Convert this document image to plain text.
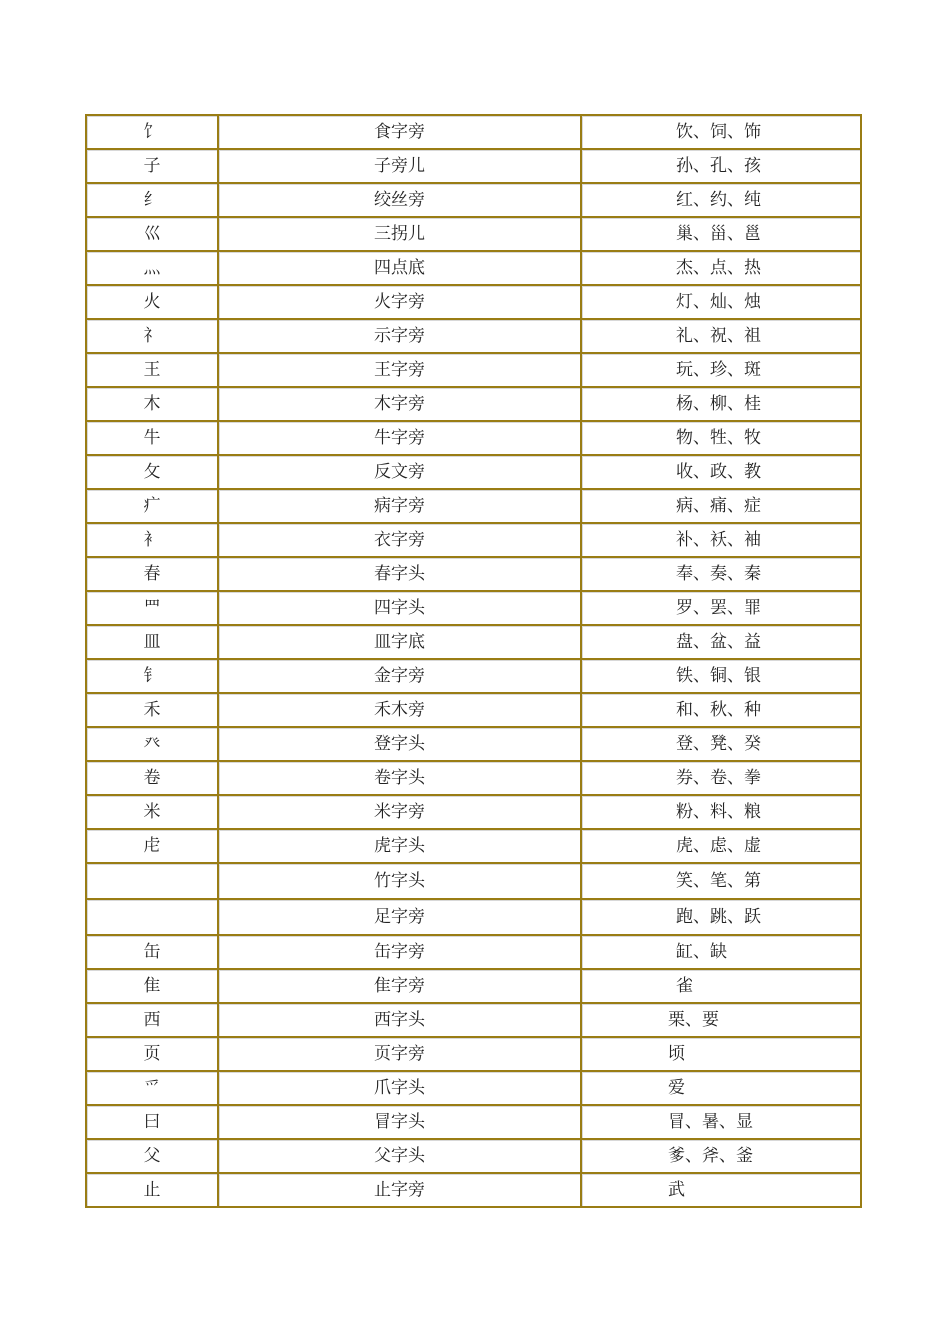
饣	食字旁	饮、饲、饰
子	子旁儿	孙、孔、孩
纟	绞丝旁	红、约、纯
巛	三拐儿	巢、甾、邕
灬	四点底	杰、点、热
火	火字旁	灯、灿、烛
礻	示字旁	礼、祝、祖
王	王字旁	玩、珍、斑
木	木字旁	杨、柳、桂
牛	牛字旁	物、牲、牧
攵	反文旁	收、政、教
疒	病字旁	病、痛、症
衤	衣字旁	补、袄、袖
春	春字头	奉、奏、秦
罒	四字头	罗、罢、罪
皿	皿字底	盘、盆、益
钅	金字旁	铁、铜、银
禾	禾木旁	和、秋、种
癶	登字头	登、凳、癸
卷	卷字头	券、卷、拳
米	米字旁	粉、料、粮
虍	虎字头	虎、虑、虚
	竹字头	笑、笔、第
	足字旁	跑、跳、跃
缶	缶字旁	缸、缺
隹	隹字旁	雀
西	西字头	栗、要
页	页字旁	顷
爫	爪字头	爱
曰	冒字头	冒、暑、显
父	父字头	爹、斧、釜
止	止字旁	武
